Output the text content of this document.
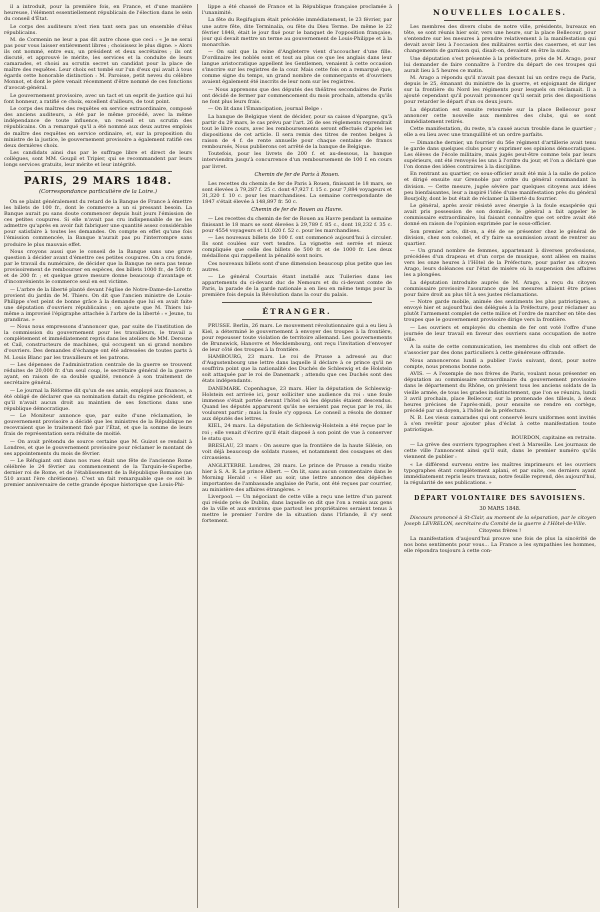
il a introduit, pour la première fois, en France, et d'une manière heureuse, l'élément essentiellement républicain de l'élection dans le sein du conseil d'État.

Le corps des auditeurs n'est rien tant sera pas un ensemble d'élus républicains.

M. de Cormenin ne leur a pas dit autre chose que ceci : « Je ne serai pas pour vous laisser entièrement libres ; choisissez le plus digne. » Alors ils ont nommé, entre eux, un président et deux secrétaires ; ils ont discuté, et approuvé le mérite, les services et la conduite de leurs camarades, et choisi au scrutin secret un candidat pour la place de maître des requêtes. Leur choix est tombé sur l'un d'eux qui avait à tous égards cette honorable distinction : M. Paroisse, petit neveu du célèbre Monnot, et dont le père venait récemment d'être nommé de ces fonctions d'avocat-général.

Le gouvernement provisoire, avec un tact et un esprit de justice qui lui font honneur, a ratifié ce choix, excellent d'ailleurs, de tout point.

Le corps des maîtres des requêtes en service extraordinaire, composé des anciens auditeurs, a été par le même procédé, avec la même indépendance de toute influence, un recueil et un scrutin des républicains. On a remarqué qu'il a été nommé aux deux autres emplois de maître des requêtes en service ordinaire, et, sur la proposition du ministre de la justice, le gouvernement provisoire a également ratifié ces deux dernières choix.

Les candidats ainsi dus par le suffrage libre et direct de leurs collègues, sont MM. Goupil et Tripier, qui se recommandent par leurs longs services gratuits, leur mérite et leur intégrité.

PARIS, 29 MARS 1848.
(Correspondance particulière de la Loire.)

On se plaint généralement du retard de la Banque de France à émettre les billets de 100 fr., dont le commerce a un si pressant besoin. La Banque aurait pu sans doute commencer depuis huit jours l'émission de ces petites coupures. Si elle n'avait pas cru indispensable de ne les admettre qu'après en avoir fait fabriquer une quantité assez considérable pour satisfaire à toutes les demandes. On compte en effet qu'une fois l'émission commencée, la Banque n'aurait pas pu l'interrompre sans produire le plus mauvais effet.

Nous croyons aussi que le conseil de la Banque sans une grave question à décider avant d'émettre ces petites coupures. On a cru fondé, par le travail du numéraire, de décider que la Banque ne sera pas tenue provisoirement de rembourser en espèces, des billets 1000 fr., de 500 fr. et de 200 fr. ; et quelque grave mesure donne beaucoup d'avantage et d'inconvénients le commerce seul en est victime.

— L'arbre de la liberté planté devant l'église de Notre-Dame-de-Lorette provient du jardin de M. Thiers. On dit que l'ancien ministre de Louis-Philippe s'est peint de bonne grâce à la demande que lui en avait faite une députation d'ouvriers républicains ; on ajoute que M. Thiers lui-même a improvisé l'épigraphe attachée à l'arbre de la liberté : « Jeune, tu grandiras. »

— Nous nous empressons d'annoncer que, par suite de l'institution de la commission du gouvernement pour les travailleurs, le travail a complètement et immédiatement repris dans les ateliers de MM. Derosne et Cail, constructeurs de machines, qui occupent un si grand nombre d'ouvriers. Des demandes d'échange ont été adressées de toutes parts à M. Louis Blanc par les travailleurs et les patrons.

— Les dépenses de l'administration centrale de la guerre se trouvent réduites de 20,000 fr. d'un seul coup, le secrétaire général de la guerre ayant, en raison de sa double qualité, renoncé à son traitement de secrétaire général.

— Le journal la Réforme dit qu'un de ses amis, employé aux finances, a été obligé de déclarer que sa nomination datait du régime précédent, et qu'il n'avait aucun droit au maintien de ses fonctions dans une république démocratique.

— Le Moniteur annonce que, par suite d'une réclamation, le gouvernement provisoire a décidé que les ministres de la République ne recevraient que le traitement fixé par l'État, et que la somme de leurs frais de représentation sera réduite de moitié.

— On avait prétendu de source certaine que M. Guizot se rendait à Londres, et que le gouvernement provisoire pour réclamer le montant de ses appointements du mois de février.

— Le Réfugiant ont dans nos rues était une fête de l'ancienne Rome célébrée le 24 février au commencement de la Tarquin-le-Superbe, dernier roi de Rome, et de l'établissement de la République Romaine (an 510 avant l'ère chrétienne). C'est un fait remarquable que ce soit le premier anniversaire de cette grande époque historique que Louis-Phi-

lippe a été chassé de France et la République française proclamée à l'unanimité.

La fête du Regifugium était précédée immédiatement, le 23 février, par une autre fête, dite Terminalia, ou fête du Dieu Terme. De même le 22 février 1848, était le jour fixé pour le banquet de l'opposition française, jour qui devait mettre un terme au gouvernement de Louis-Philippe et à la monarchie.

— On sait que la reine d'Angleterre vient d'accoucher d'une fille. D'ordinaire les noblés sont et tout au plus ce que les anglais dans leur langue aristocratique appellent les Gentlemen, venaient à cette occasion s'inscrire sur les registres de la cour. Mais cette fois on a remarqué que, comme signe du temps, un grand nombre de commerçants et d'ouvriers avaient également été inscrits de leur nom sur les registres.

— Nous apprenons que des députés des théâtres secondaires de Paris ont décidé de fermer par commencement du mois prochain, attendu qu'ils ne font plus leurs frais.

— On lit dans l'Émancipation, journal Belge :

La banque de Belgique vient de décider, pour sa caisse d'épargne, qu'à partir du 29 mars, le cas prévu par l'art. 26 de ses règlements reprendrait tout le libre cours, avec les remboursements seront effectués d'après les dispositions de cet article. Il sera remis des titres de rentes belges à raison de 4 f. de rente annuelle pour chaque centaine de francs remboursés, Nous publierons cet arrêté de la banque de Belgique.

Toutefois, pour les livrets de 200 f. et au-dessous, la banque interviendra jusqu'à concurrence d'un remboursement de 100 f. en cours par livret.

Chemin de fer de Paris à Rouen.

Les recettes du chemin de fer de Paris à Rouen, finissant le 18 mars, se sont élevées à 79,287 f. 25 c. dont 47,927 f. 15 c. pour 7,884 voyageurs et 31,320 f. 10 c. pour les marchandises. La semaine correspondante de 1847 s'était élevée à 148,897 fr. 50 c.

Chemin de fer de Rouen au Havre.

— Les recettes du chemin de fer de Rouen au Havre pendant la semaine finissant le 18 mars se sont élevées à 29,789 f. 85 c., dont 18,232 f. 35 c. pour 4554 voyageurs et 11,020 f. 52 c. pour les marchandises.

— Les nouveaux billets de 100 f. ont commencé aujourd'hui à circuler. Ils sont coulées sur vert tendre. La vignette est serrée et mieux compliquée que celle des billets de 500 fr. et de 1000 fr. Les deux médaillons qui rappellent la pénalité sont noirs.

Ces nouveaux billets sont d'une dimension beaucoup plus petite que les autres.

— Le général Courtais étant installé aux Tuileries dans les appartements du ci-devant duc de Nemours et du ci-devant comte de Paris, la parade de la garde nationale a en lieu en même temps pour la première fois depuis la Révolution dans la cour du palais.

ÉTRANGER.

PRUSSE. Berlin, 26 mars. Le mouvement révolutionnaire qui a eu lieu à Kiel, a déterminé le gouvernement à envoyer des troupes à la frontière, pour repousser toute violation de territoire allemand. Les gouvernements de Brunswick, Hanovre et Mecklembourg, ont reçu l'invitation d'envoyer de leur côté des troupes à la frontière.

HAMBOURG, 23 mars. Le roi de Prusse a adressé au duc d'Augustenbourg une lettre dans laquelle il déclare à ce prince qu'il ne souffrira point que la nationalité des Duchés de Schleswig et de Holstein soit attaquée par le roi de Danemark ; attendu que ces Duchés sont des états indépendants.

DANEMARK. Copenhague, 23 mars. Hier la députation de Schleswig-Holstein est arrivée ici, pour solliciter une audience du roi : une foule immense s'était portée devant l'hôtel où les députés étaient descendus. Quand les députés apparurent qu'ils ne seraient pas reçus par le roi, ils voulurent partir ; mais la foule s'y opposa. Le conseil a résolu de donner aux députés des lettres.

KIEL, 24 mars. La députation de Schleswig-Holstein a été reçue par le roi ; elle venait d'écrire qu'il était disposé à son point de vue à conserver le statu quo.

BRESLAU, 23 mars : On assure que la frontière de la haute Silésie, on voit déjà beaucoup de soldats russes, et notamment des cosaques et des circassiens.

ANGLETERRE. Londres, 28 mars. Le prince de Prusse a rendu visite hier à S. A. R. Le prince Albert. — On lit, sans aucun commentaire dans le Morning Herald : « Hier au soir, une lettre annonce des dépêches importantes de l'ambassade anglaise de Paris, ont été reçues par courrier, au ministère des affaires étrangères. »

Liverpool. — Un négociant de cette ville a reçu une lettre d'un parent qui réside près de Dublin, dans laquelle on dit que l'on a remis aux gens de la ville et aux environs que partout les propriétaires seraient tenus à mettre le premier l'ordre de la situation dans l'Irlande, il s'y sent fortement.

NOUVELLES LOCALES.

Les membres des divers clubs de notre ville, présidents, bureaux en tête, se sont réunis hier soir, vers une heure, sur la place Bellecour, pour s'entendre sur les mesures à prendre relativement à la manifestation qui devait avoir lieu à l'occasion des militaires sortis des casernes, et sur les changements de garnison qui, disait-on, devaient en être la suite.

Une députation s'est présentée à la préfecture, près de M. Arago, pour lui demander de faire connaître à l'ordre du départ de ces troupes qui aurait lieu à 5 heures ce matin.

M. Arago a répondu qu'il n'avait pas devant lui un ordre reçu de Paris, depuis le 25, émanant du ministre de la guerre, et enjoignant de diriger sur la frontière du Nord les régiments pour lesquels on réclamait. Il a ajouté cependant qu'il pouvait prononcer qu'il serait pris des dispositions pour retarder le départ d'un ou deux jours.

La députation est ensuite retournée sur la place Bellecour pour annoncer cette nouvelle aux membres des clubs, qui se sont immédiatement retirés.

Cette manifestation, du reste, n'a causé aucun trouble dans le quartier ; elle a eu lieu avec une tranquillité et un ordre parfaits.

— Dimanche dernier, un fourrier du 56e régiment d'artillerie avait tenu le garde dans quelques clubs pour y exprimer ses opinions démocratiques. Les élèves de l'école militaire, mais jugés peut-être comme tels par leurs supérieurs, ont été renvoyés les uns à l'ordre du jour, et l'on a déclaré que l'on donne des idées contraires à la discipline.

En rentrant au quartier, ce sous-officier avait été mis à la salle de police et dirigé ensuite sur Grenoble par ordre du général commandant la division. — Cette mesure, jugée sévère par quelques citoyens aux idées peu bienfaisantes, leur a inspiré l'idée d'une manifestation près du général Bourjolly, dont le but était de réclamer la liberté du fourrier.

Le général, après avoir résisté avec énergie à la foule exaspérée qui avait pris possession de son domicile, le général a fait appeler le commissaire extraordinaire, lui faisant connaître que cet ordre avait été donné en raison de l'opinion exprimée par le sous-officier.

Son premier acte, dit-on, a été de se présenter chez le général de division, chez son colonel, et d'y faire sa soumission avant de rentrer au quartier.

— Un grand nombre de femmes, appartenant à diverses professions, précédées d'un drapeau et d'un corps de musique, sont allées en mains vers les onze heures à l'Hôtel de la Préfecture, pour parler au citoyen Arago, leurs doléances sur l'état de misère où la suspension des affaires les a plongées.

La députation introduite auprès de M. Arago, a reçu du citoyen commissaire provisoire l'assurance que les mesures allaient être prises pour faire droit au plus tôt à ses justes réclamations.

— Notre garde mobile, animée des sentiments les plus patriotiques, a envoyé hier et aujourd'hui des délégués à la Préfecture, pour réclamer au plutôt l'armement complet de cette milice et l'ordre de marcher en tête des troupes que le gouvernement provisoire dirige vers la frontière.

— Les ouvriers et employés du chemin de fer ont voté l'offre d'une journée de leur travail en faveur des ouvriers sans occupation de notre ville.

A la suite de cette communication, les membres du club ont offert de s'associer par des dons particuliers à cette généreuse offrande.

Nous annoncerons lundi a publier l'avis suivant, dont, pour notre compte, nous prenons bonne note.

AVIS. — A l'exemple de nos frères de Paris, voulant nous présenter en députation au commissaire extraordinaire du gouvernement provisoire dans le département du Rhône, on prévient tous les anciens soldats de la vieille armée, de tous les grades indistinctement, que l'on se réunira, lundi 3 avril prochain, place Bellecour, sur la promenade des tilleuls, à deux heures précises de l'après-midi, pour ensuite se rendre en cortège, précédé par un doyen, à l'hôtel de la préfecture.

N. B. Les vieux camarades qui ont conservé leurs uniformes sont invités à s'en revêtir pour ajouter plus d'éclat à cette manifestation toute patriotique.

BOURDON, capitaine en retraite.

— La grève des ouvriers typographes s'est à Marseille. Les journaux de cette ville l'annoncent ainsi qu'il suit, dans le premier numéro qu'ils viennent de publier :

« Le différend survenu entre les maîtres imprimeurs et les ouvriers typographes étant complètement aplani, et par suite, ces derniers ayant immédiatement repris leurs travaux, notre feuille reprend, dès aujourd'hui, la régularité de ses publications. »

DÉPART VOLONTAIRE DES SAVOISIENS.
30 MARS 1848.

Discours prononcé à St-Clair, au moment de la séparation, par le citoyen Joseph LEVRELON, secrétaire du Comité de la guerre à l'Hôtel-de-Ville.

Citoyens frères !

La manifestation d'aujourd'hui prouve une fois de plus la sincérité de nos bons sentiments pour vous... La France a les sympathies les hommes, elle répondra toujours à cette con-
